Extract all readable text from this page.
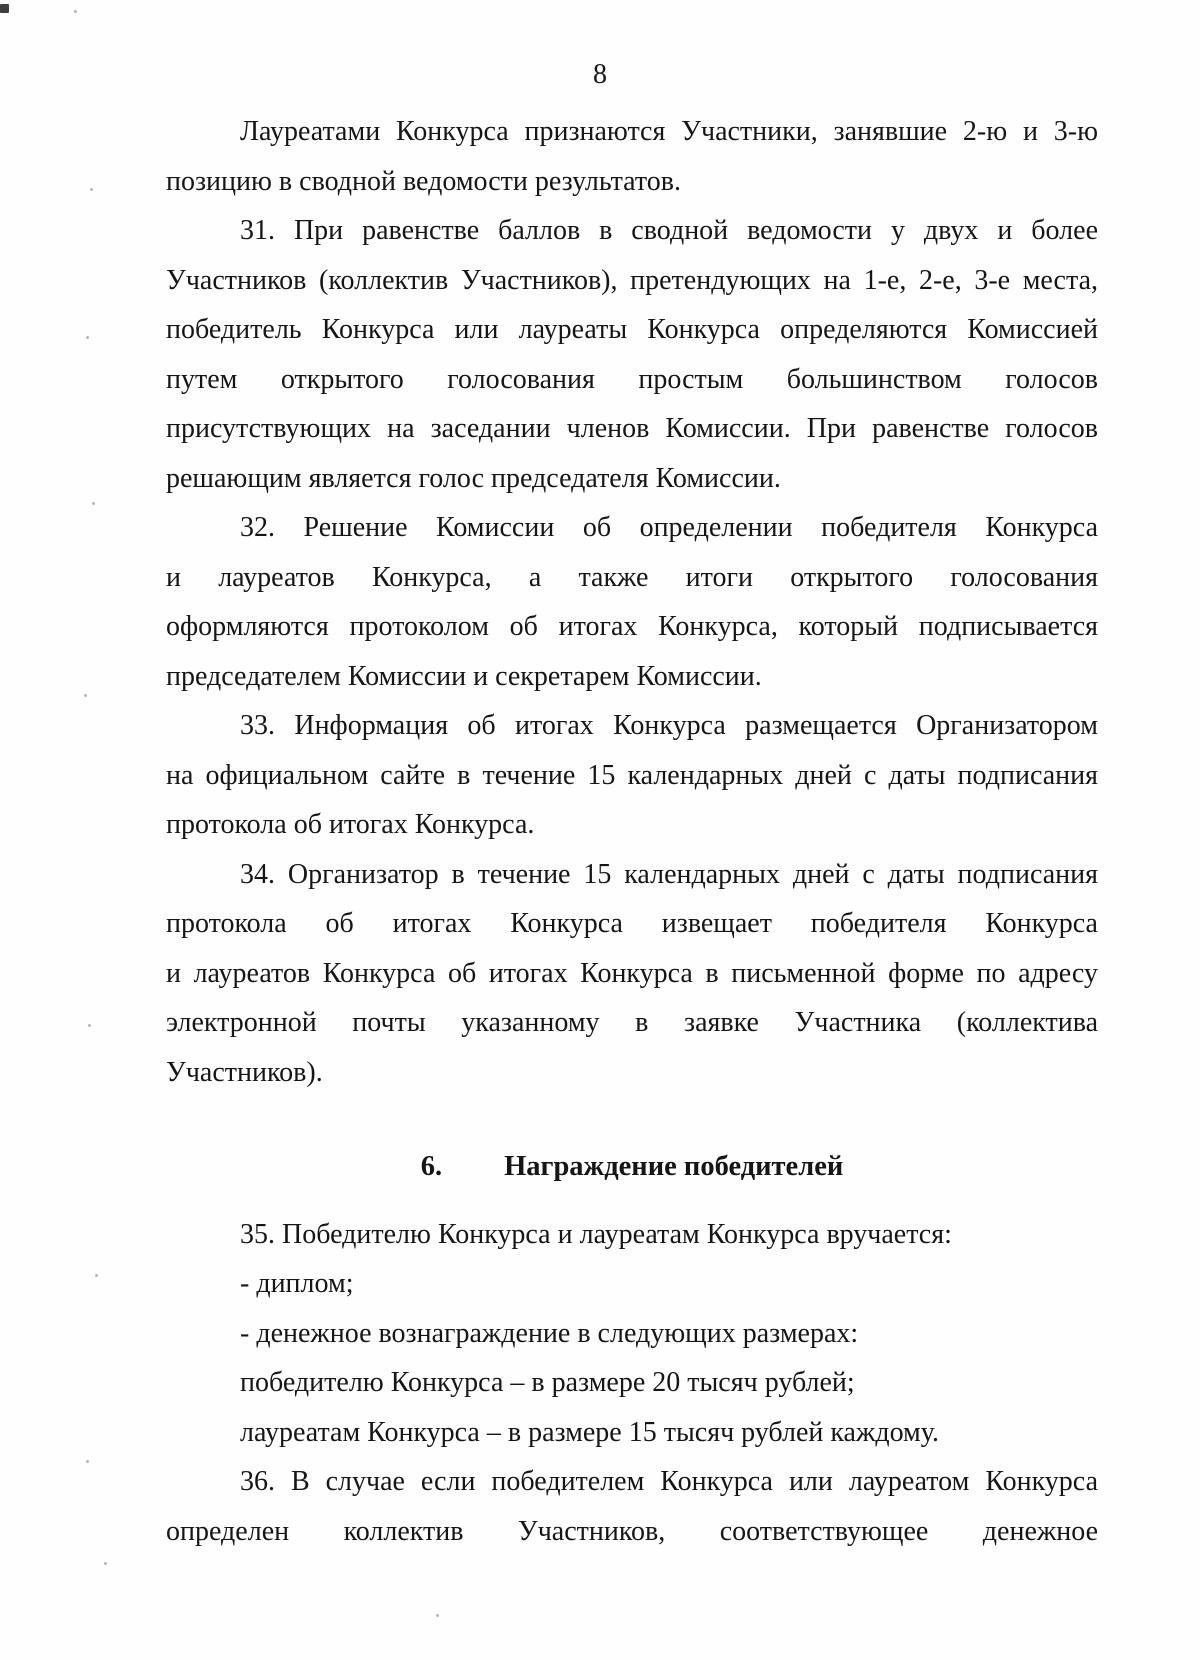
8
Лауреатами Конкурса признаются Участники, занявшие 2-ю и 3-ю
позицию в сводной ведомости результатов.
31. При равенстве баллов в сводной ведомости у двух и более
Участников (коллектив Участников), претендующих на 1-е, 2-е, 3-е места,
победитель Конкурса или лауреаты Конкурса определяются Комиссией
путем открытого голосования простым большинством голосов
присутствующих на заседании членов Комиссии. При равенстве голосов
решающим является голос председателя Комиссии.
32. Решение Комиссии об определении победителя Конкурса
и лауреатов Конкурса, а также итоги открытого голосования
оформляются протоколом об итогах Конкурса, который подписывается
председателем Комиссии и секретарем Комиссии.
33. Информация об итогах Конкурса размещается Организатором
на официальном сайте в течение 15 календарных дней с даты подписания
протокола об итогах Конкурса.
34. Организатор в течение 15 календарных дней с даты подписания
протокола об итогах Конкурса извещает победителя Конкурса
и лауреатов Конкурса об итогах Конкурса в письменной форме по адресу
электронной почты указанному в заявке Участника (коллектива
Участников).
6. Награждение победителей
35. Победителю Конкурса и лауреатам Конкурса вручается:
- диплом;
- денежное вознаграждение в следующих размерах:
победителю Конкурса – в размере 20 тысяч рублей;
лауреатам Конкурса – в размере 15 тысяч рублей каждому.
36. В случае если победителем Конкурса или лауреатом Конкурса
определен коллектив Участников, соответствующее денежное
